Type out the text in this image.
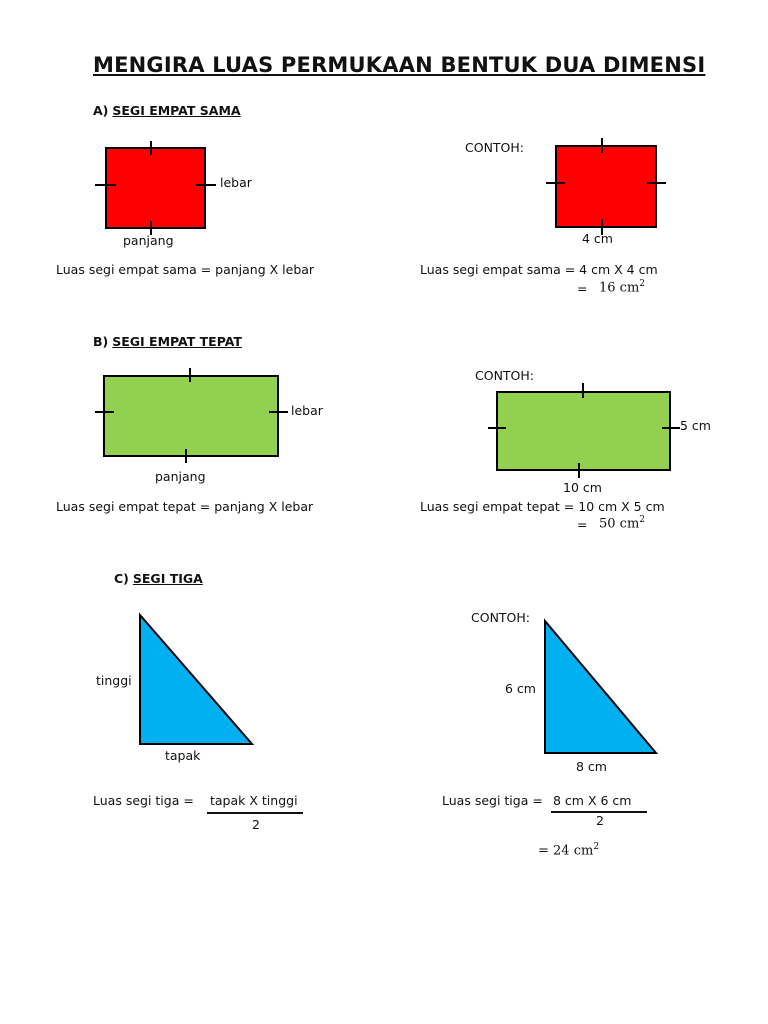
MENGIRA LUAS PERMUKAAN BENTUK DUA DIMENSI
A) SEGI EMPAT SAMA
lebar
panjang
Luas segi empat sama = panjang X lebar
CONTOH:
4 cm
Luas segi empat sama = 4 cm X 4 cm
= 16 $cm^2$
B) SEGI EMPAT TEPAT
lebar
panjang
Luas segi empat tepat = panjang X lebar
CONTOH:
5 cm
10 cm
Luas segi empat tepat = 10 cm X 5 cm
= 50 $cm^2$
C) SEGI TIGA
tinggi
tapak
Luas segi tiga = tapak X tinggi
2
CONTOH:
6 cm
8 cm
Luas segi tiga = 8 cm X 6 cm
2
= 24 $cm^2$
